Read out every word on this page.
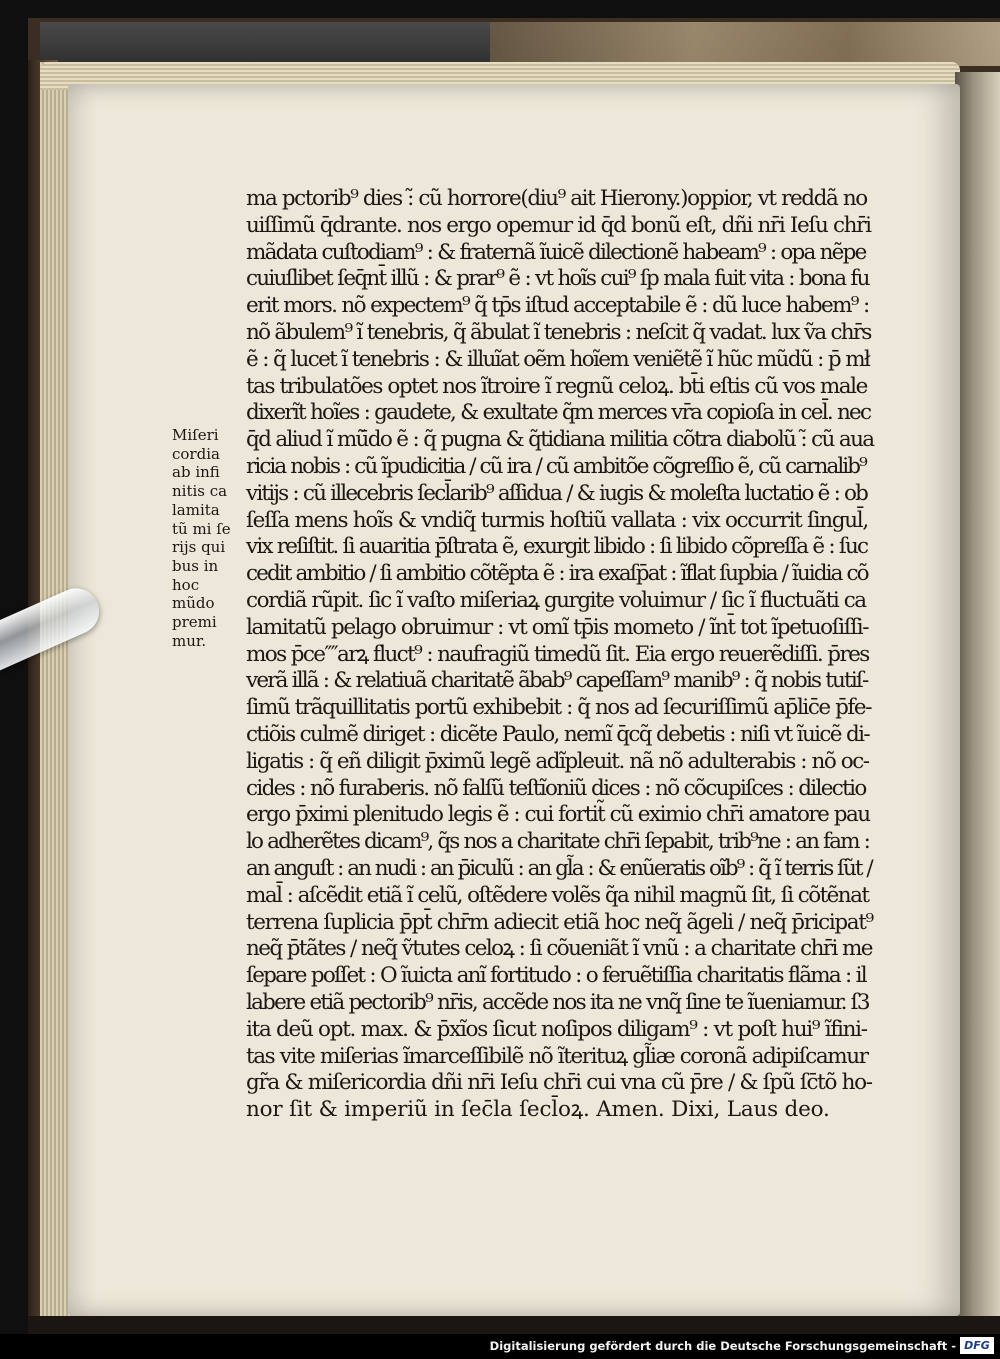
Miſeri
cordia
ab infi
nitis ca
lamita
tũ mi ſe
rijs qui
bus in
hoc
mũdo
premi
mur.
ma pctorib⁹ dies :̃ cũ horrore(diu⁹ ait Hierony.)oppior, vt reddã no
uiſſimũ q̄drante. nos ergo opemur id q̄d bonũ eſt, dñi nr̄i Ieſu chr̄i
mãdata cuſtodiam⁹ : & fraternã ĩuicẽ dilectionẽ habeam⁹ : opa nẽpe
cuiuſlibet ſeq̄nt̄ illũ : & prar⁹ ẽ : vt hoĩs cui⁹ ſp mala fuit vita : bona fu
erit mors. nõ expectem⁹ q̃ tp̄s iſtud acceptabile ẽ : dũ luce habem⁹ :
nõ ãbulem⁹ ĩ tenebris, q̃ ãbulat ĩ tenebris : neſcit q̃ vadat. lux ṽa chr̄s
ẽ : q̃ lucet ĩ tenebris : & illuĩat oẽm hoĩem veniẽtẽ ĩ hũc mũdũ : p̄ mł
tas tribulatões optet nos ĩtroire ĩ regnũ celoꝝ. bt̄i eſtis cũ vos male
dixerĩt hoĩes : gaudete, & exultate q̃m merces vr̄a copioſa in cel̄. nec
q̄d aliud ĩ mũ̄do ẽ : q̃ pugna & q̃tidiana militia cõtra diabolũ :̃ cũ aua
ricia nobis : cũ ĩpudicitia / cũ ira / cũ ambitõe cõgreſſio ẽ, cũ carnalib⁹
vitijs : cũ illecebris ſecl̄arib⁹ aſſidua / & iugis & moleſta luctatio ẽ : ob
ſeſſa mens hoĩs & vndiq̃ turmis hoſtiũ vallata : vix occurrit ſingul̄,
vix reſiſtit. ſi auaritia p̄ſtrata ẽ, exurgit libido : ſi libido cõpreſſa ẽ : ſuc
cedit ambitio / ſi ambitio cõtẽpta ẽ : ira exaſp̄at : ĩflat ſupbia / ĩuidia cõ
cordiã rũpit. ſic ĩ vaſto miſeriaꝝ gurgite voluimur / ſic ĩ fluctuãti ca
lamitatũ pelago obruimur : vt omĩ tp̄is mometo / ĩnt̄ tot ĩpetuoſiſſi-
mos p̄ce⁗arꝝ fluct⁹ : naufragiũ timedũ ſit. Eia ergo reuerẽdiſſi. p̄res
verã illã : & relatiuã charitatẽ ãbab⁹ capeſſam⁹ manib⁹ : q̃ nobis tutiſ-
ſimũ trãquillitatis portũ exhibebit : q̃ nos ad ſecuriſſimũ ap̄lic̄e p̄fe-
ctiõis culmẽ diriget : dicẽte Paulo, nemĩ q̄cq̃ debetis : niſi vt ĩuicẽ di-
ligatis : q̃ eñ diligit p̄ximũ legẽ adĩpleuit. nã nõ adulterabis : nõ oc-
cides : nõ furaberis. nõ falſũ teſtĩoniũ dices : nõ cõcupiſces : dilectio
ergo p̄ximi plenitudo legis ẽ : cui fortit̃ cũ eximio chr̄i amatore pau
lo adherẽtes dicam⁹, q̃s nos a charitate chr̄i ſepabit, trib⁹ne : an fam :
an anguſt : an nudi : an p̄iculũ : an gl̃a : & enũeratis oĩb⁹ : q̃ ĩ terris ſũt /
mal̄ : aſcẽdit etiã ĩ celũ, oſtẽdere volẽs q̃a nihil magnũ ſit, ſi cõtẽnat
terrena ſuplicia p̄pt̄ chr̄m adiecit etiã hoc neq̃ ãgeli / neq̃ p̄ricipat⁹
neq̃ p̄tãtes / neq̃ ṽtutes celoꝝ : ſi cõueniãt ĩ vnũ : a charitate chr̄i me
ſepare poſſet : O ĩuicta anĩ fortitudo : o feruẽtiſſia charitatis flãma : il
labere etiã pectorib⁹ nr̄is, accẽde nos ita ne vnq̃ ſine te ĩueniamur. ſ3
ita deũ opt. max. & p̄xĩos ſicut noſipos diligam⁹ : vt poſt hui⁹ ĩfini-
tas vite miſerias ĩmarceſſibilẽ nõ ĩterituꝝ gl̃iæ coronã adipiſcamur
gr̃a & miſericordia dñi nr̄i Ieſu chr̄i cui vna cũ p̄re / & ſpũ ſc̄tõ ho-
nor ſit & imperiũ in ſec̄la ſecl̄oꝝ. Amen. Dixi, Laus deo.
Digitalisierung gefördert durch die Deutsche Forschungsgemeinschaft - DFG
